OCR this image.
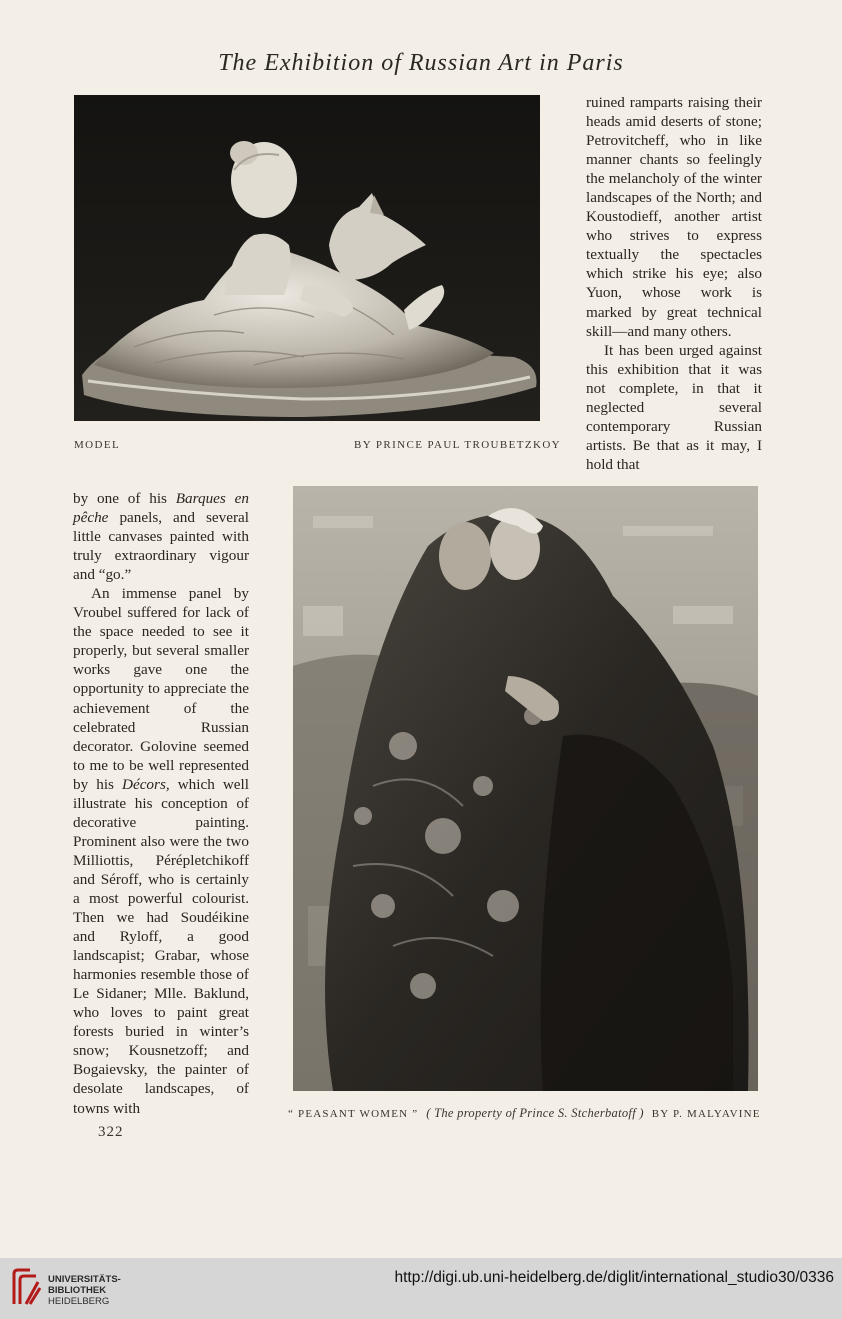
The Exhibition of Russian Art in Paris
MODEL	BY PRINCE PAUL TROUBETZKOY

ruined ramparts raising their heads amid deserts of stone; Petrovitcheff, who in like manner chants so feelingly the melancholy of the winter landscapes of the North; and Koustodieff, another artist who strives to express textually the spectacles which strike his eye; also Yuon, whose work is marked by great technical skill—and many others.

It has been urged against this exhibition that it was not complete, in that it neglected several contemporary Russian artists. Be that as it may, I hold that

by one of his Barques en pêche panels, and several little canvases painted with truly extraordinary vigour and “go.”

An immense panel by Vroubel suffered for lack of the space needed to see it properly, but several smaller works gave one the opportunity to appreciate the achievement of the celebrated Russian decorator. Golovine seemed to me to be well represented by his Décors, which well illustrate his conception of decorative painting. Prominent also were the two Milliottis, Pérépletchikoff and Séroff, who is certainly a most powerful colourist. Then we had Soudéikine and Ryloff, a good landscapist; Grabar, whose harmonies resemble those of Le Sidaner; Mlle. Baklund, who loves to paint great forests buried in winter’s snow; Kousnetzoff; and Bogaievsky, the painter of desolate landscapes, of towns with

322
“ PEASANT WOMEN ” ( The property of Prince S. Stcherbatoff ) BY P. MALYAVINE
UNIVERSITÄTS-
BIBLIOTHEK
HEIDELBERG
http://digi.ub.uni-heidelberg.de/diglit/international_studio30/0336
